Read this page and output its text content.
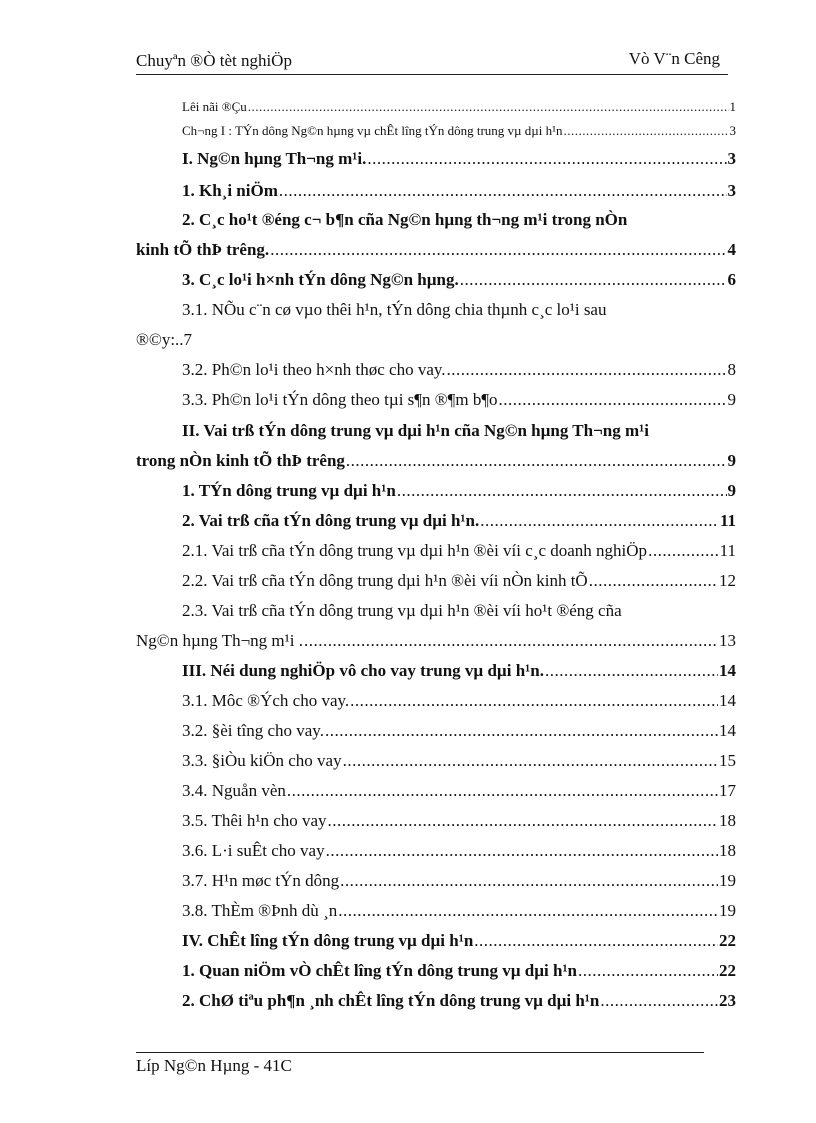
Chuyªn ®Ò tèt nghiÖp	Vò V¨n Cêng
Lêi nãi ®Çu .....	1
Ch¬ng I : TÝn dông Ng©n hµng vµ chÊt lîng tÝn dông trung vµ dµi h¹n .....	3
I. Ng©n hµng Th¬ng m¹i. .....	3
1. Kh¸i niÖm .....	3
2. C¸c ho¹t ®éng c¬ b¶n cña Ng©n hµng th¬ng m¹i trong nÒn
kinh tÕ thÞ trêng. .....	4
3. C¸c lo¹i h×nh tÝn dông Ng©n hµng. .....	6
3.1. NÕu c¨n cø vµo thêi h¹n, tÝn dông chia thµnh c¸c lo¹i sau
®©y:..7
3.2. Ph©n lo¹i theo h×nh thøc cho vay. .....	8
3.3. Ph©n lo¹i tÝn dông theo tµi s¶n ®¶m b¶o .....	9
II. Vai trß tÝn dông trung vµ dµi h¹n cña Ng©n hµng Th¬ng m¹i
trong nÒn kinh tÕ thÞ trêng .....	9
1. TÝn dông trung vµ dµi h¹n .....	9
2. Vai trß cña tÝn dông trung vµ dµi h¹n. .....	11
2.1. Vai trß cña tÝn dông trung vµ dµi h¹n ®èi víi c¸c doanh nghiÖp .....	11
2.2. Vai trß cña tÝn dông trung dµi h¹n ®èi víi nÒn kinh tÕ .....	12
2.3. Vai trß cña tÝn dông trung vµ dµi h¹n ®èi víi ho¹t ®éng cña
Ng©n hµng Th¬ng m¹i . .....	13
III. Néi dung nghiÖp vô cho vay trung vµ dµi h¹n. .....	14
3.1. Môc ®Ých cho vay. .....	14
3.2. §èi tîng cho vay. .....	14
3.3. §iÒu kiÖn cho vay .....	15
3.4. Nguån vèn .....	17
3.5. Thêi h¹n cho vay .....	18
3.6. L·i suÊt cho vay .....	18
3.7. H¹n møc tÝn dông .....	19
3.8. ThÈm ®Þnh dù ¸n .....	19
IV. ChÊt lîng tÝn dông trung vµ dµi h¹n .....	22
1. Quan niÖm vÒ chÊt lîng tÝn dông trung vµ dµi h¹n .....	22
2. ChØ tiªu ph¶n ¸nh chÊt lîng tÝn dông trung vµ dµi h¹n .....	23
Líp Ng©n Hµng - 41C
